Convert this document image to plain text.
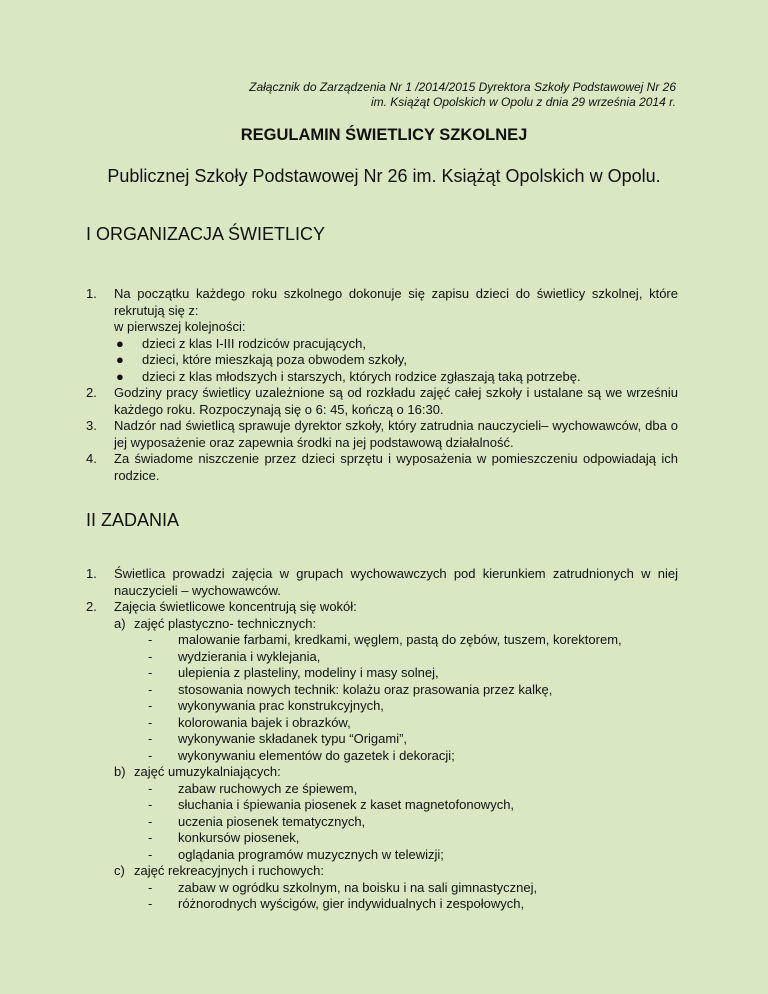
Załącznik do Zarządzenia Nr 1 /2014/2015 Dyrektora Szkoły Podstawowej Nr 26
im. Książąt Opolskich w Opolu z dnia 29 września 2014 r.
REGULAMIN ŚWIETLICY SZKOLNEJ
Publicznej Szkoły Podstawowej Nr 26 im. Książąt Opolskich w Opolu.
I ORGANIZACJA ŚWIETLICY
1. Na początku każdego roku szkolnego dokonuje się zapisu dzieci do świetlicy szkolnej, które rekrutują się z:
w pierwszej kolejności:
● dzieci z klas I-III rodziców pracujących,
● dzieci, które mieszkają poza obwodem szkoły,
● dzieci z klas młodszych i starszych, których rodzice zgłaszają taką potrzebę.
2. Godziny pracy świetlicy uzależnione są od rozkładu zajęć całej szkoły i ustalane są we wrześniu każdego roku. Rozpoczynają się o 6: 45, kończą o 16:30.
3. Nadzór nad świetlicą sprawuje dyrektor szkoły, który zatrudnia nauczycieli– wychowawców, dba o jej wyposażenie oraz zapewnia środki na jej podstawową działalność.
4. Za świadome niszczenie przez dzieci sprzętu i wyposażenia w pomieszczeniu odpowiadają ich rodzice.
II ZADANIA
1. Świetlica prowadzi zajęcia w grupach wychowawczych pod kierunkiem zatrudnionych w niej nauczycieli – wychowawców.
2. Zajęcia świetlicowe koncentrują się wokół:
a) zajęć plastyczno- technicznych:
- malowanie farbami, kredkami, węglem, pastą do zębów, tuszem, korektorem,
- wydzierania i wyklejania,
- ulepienia z plasteliny, modeliny i masy solnej,
- stosowania nowych technik: kolażu oraz prasowania przez kalkę,
- wykonywania prac konstrukcyjnych,
- kolorowania bajek i obrazków,
- wykonywanie składanek typu “Origami”,
- wykonywaniu elementów do gazetek i dekoracji;
b) zajęć umuzykalniających:
- zabaw ruchowych ze śpiewem,
- słuchania i śpiewania piosenek z kaset magnetofonowych,
- uczenia piosenek tematycznych,
- konkursów piosenek,
- oglądania programów muzycznych w telewizji;
c) zajęć rekreacyjnych i ruchowych:
- zabaw w ogródku szkolnym, na boisku i na sali gimnastycznej,
- różnorodnych wyścigów, gier indywidualnych i zespołowych,
